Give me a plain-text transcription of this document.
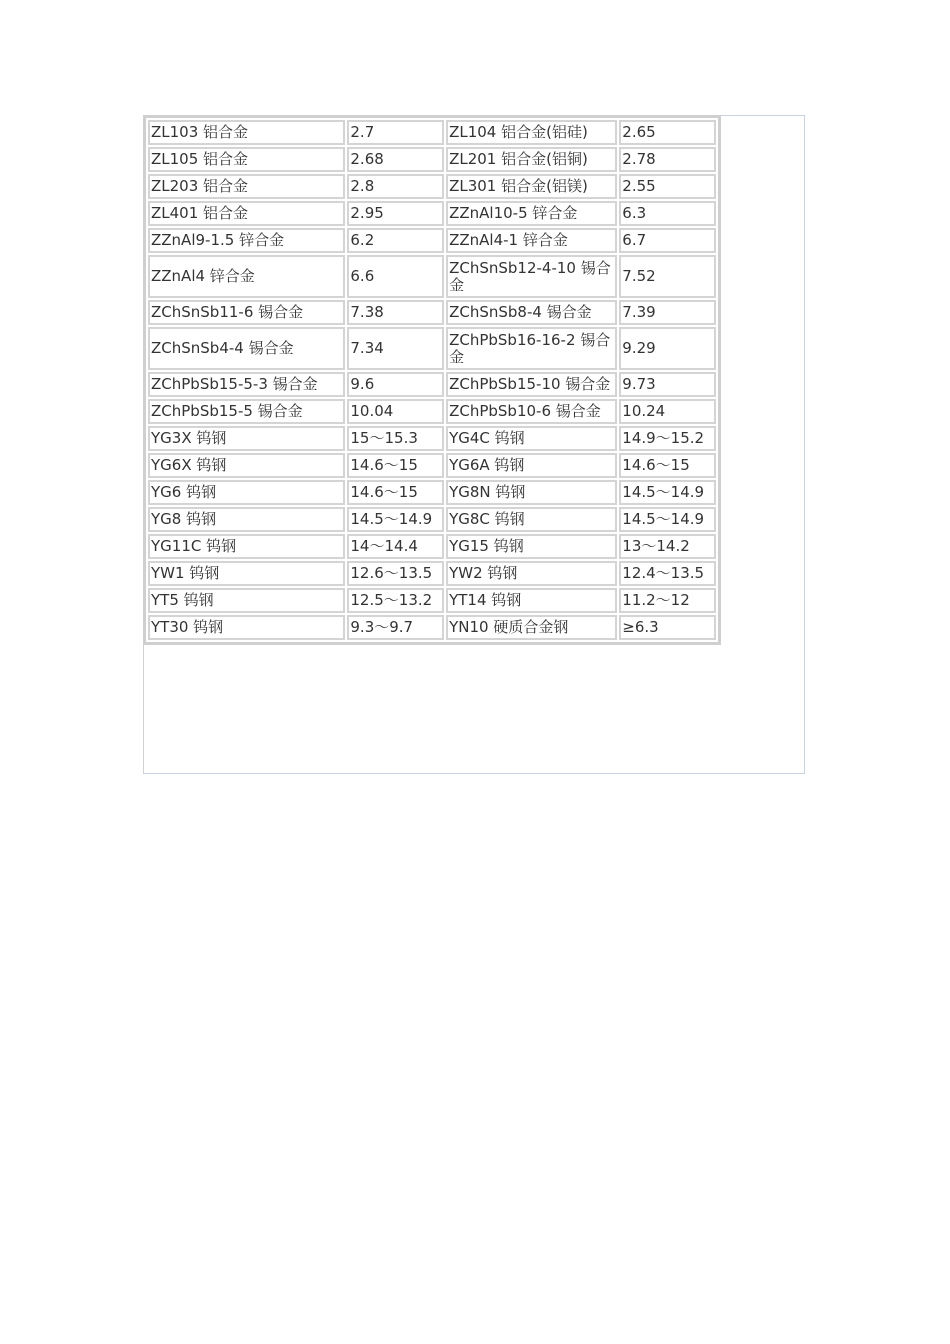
ZL103 铝合金	2.7	ZL104 铝合金(铝硅)	2.65
ZL105 铝合金	2.68	ZL201 铝合金(铝铜)	2.78
ZL203 铝合金	2.8	ZL301 铝合金(铝镁)	2.55
ZL401 铝合金	2.95	ZZnAl10-5 锌合金	6.3
ZZnAl9-1.5 锌合金	6.2	ZZnAl4-1 锌合金	6.7
ZZnAl4 锌合金	6.6	ZChSnSb12-4-10 锡合金	7.52
ZChSnSb11-6 锡合金	7.38	ZChSnSb8-4 锡合金	7.39
ZChSnSb4-4 锡合金	7.34	ZChPbSb16-16-2 锡合金	9.29
ZChPbSb15-5-3 锡合金	9.6	ZChPbSb15-10 锡合金	9.73
ZChPbSb15-5 锡合金	10.04	ZChPbSb10-6 锡合金	10.24
YG3X 钨钢	15～15.3	YG4C 钨钢	14.9～15.2
YG6X 钨钢	14.6～15	YG6A 钨钢	14.6～15
YG6 钨钢	14.6～15	YG8N 钨钢	14.5～14.9
YG8 钨钢	14.5～14.9	YG8C 钨钢	14.5～14.9
YG11C 钨钢	14～14.4	YG15 钨钢	13～14.2
YW1 钨钢	12.6～13.5	YW2 钨钢	12.4～13.5
YT5 钨钢	12.5～13.2	YT14 钨钢	11.2～12
YT30 钨钢	9.3～9.7	YN10 硬质合金钢	≥6.3
